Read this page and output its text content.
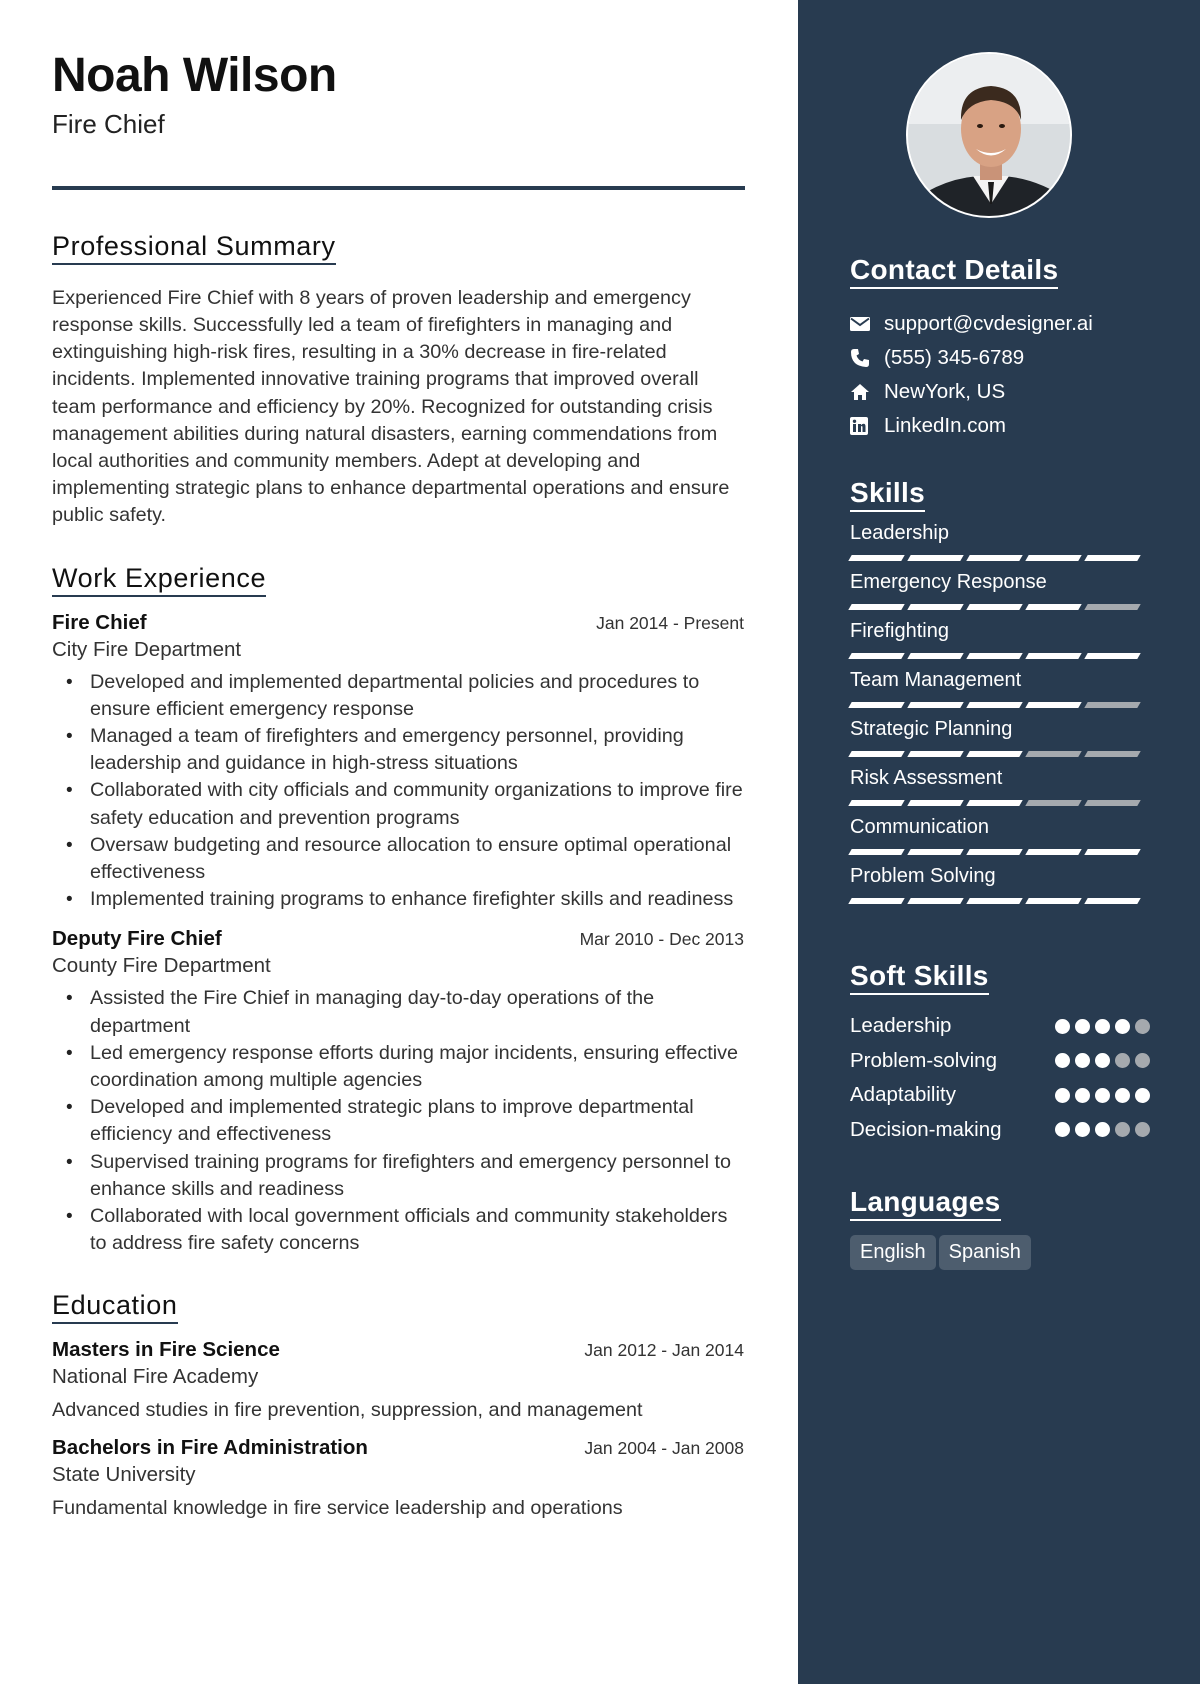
Noah Wilson
Fire Chief
Professional Summary
Experienced Fire Chief with 8 years of proven leadership and emergency response skills. Successfully led a team of firefighters in managing and extinguishing high-risk fires, resulting in a 30% decrease in fire-related incidents. Implemented innovative training programs that improved overall team performance and efficiency by 20%. Recognized for outstanding crisis management abilities during natural disasters, earning commendations from local authorities and community members. Adept at developing and implementing strategic plans to enhance departmental operations and ensure public safety.
Work Experience
Fire Chief	Jan 2014 - Present
City Fire Department
• Developed and implemented departmental policies and procedures to ensure efficient emergency response
• Managed a team of firefighters and emergency personnel, providing leadership and guidance in high-stress situations
• Collaborated with city officials and community organizations to improve fire safety education and prevention programs
• Oversaw budgeting and resource allocation to ensure optimal operational effectiveness
• Implemented training programs to enhance firefighter skills and readiness
Deputy Fire Chief	Mar 2010 - Dec 2013
County Fire Department
• Assisted the Fire Chief in managing day-to-day operations of the department
• Led emergency response efforts during major incidents, ensuring effective coordination among multiple agencies
• Developed and implemented strategic plans to improve departmental efficiency and effectiveness
• Supervised training programs for firefighters and emergency personnel to enhance skills and readiness
• Collaborated with local government officials and community stakeholders to address fire safety concerns
Education
Masters in Fire Science	Jan 2012 - Jan 2014
National Fire Academy
Advanced studies in fire prevention, suppression, and management
Bachelors in Fire Administration	Jan 2004 - Jan 2008
State University
Fundamental knowledge in fire service leadership and operations
Contact Details
support@cvdesigner.ai
(555) 345-6789
NewYork, US
LinkedIn.com
Skills
Leadership
Emergency Response
Firefighting
Team Management
Strategic Planning
Risk Assessment
Communication
Problem Solving
Soft Skills
Leadership
Problem-solving
Adaptability
Decision-making
Languages
English Spanish
